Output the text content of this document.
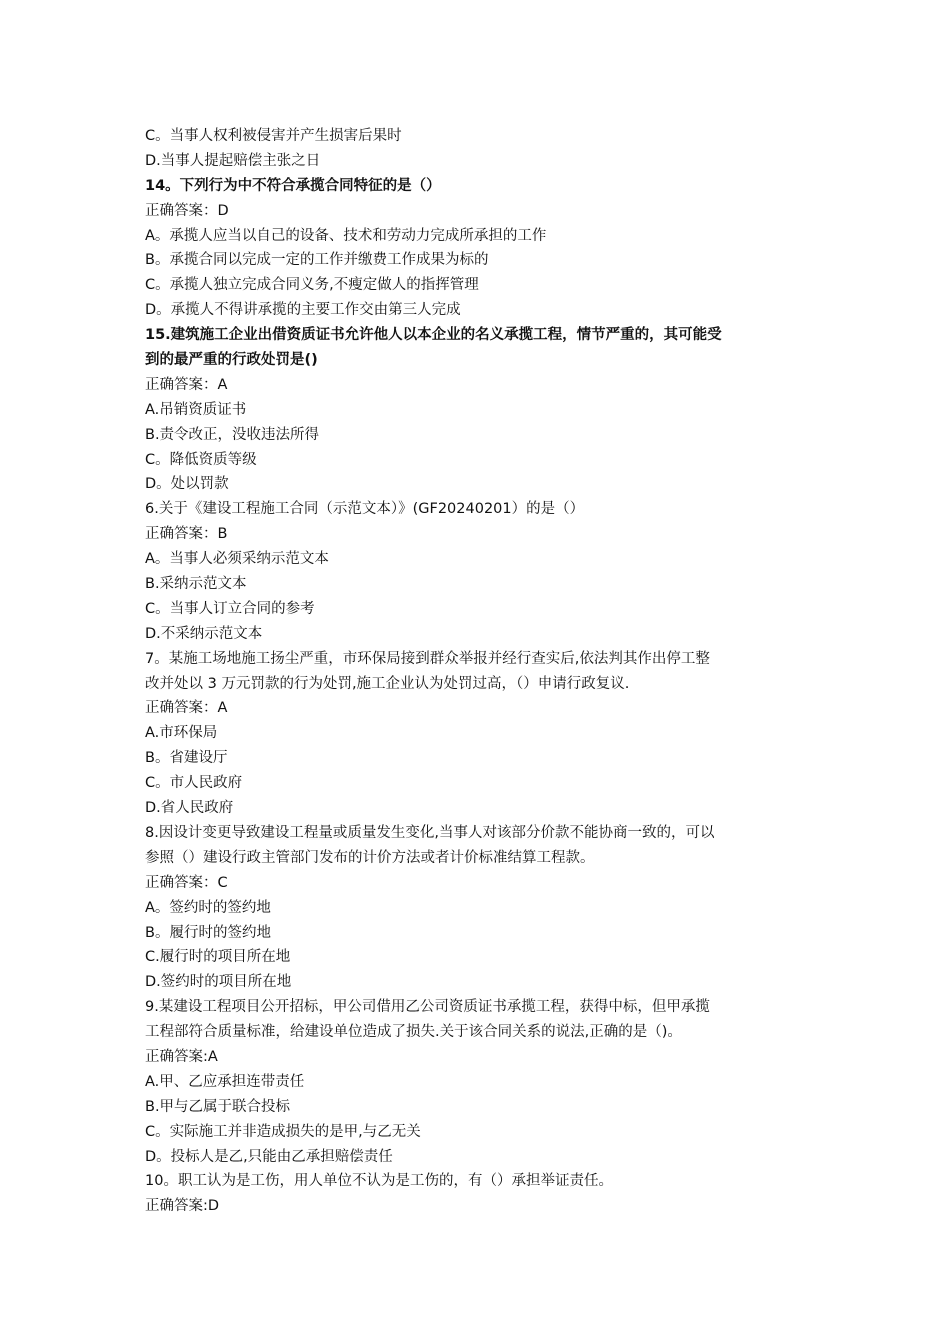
C。当事人权利被侵害并产生损害后果时
D.当事人提起赔偿主张之日
14。下列行为中不符合承揽合同特征的是（）
正确答案：D
A。承揽人应当以自己的设备、技术和劳动力完成所承担的工作
B。承揽合同以完成一定的工作并缴费工作成果为标的
C。承揽人独立完成合同义务,不瘦定做人的指挥管理
D。承揽人不得讲承揽的主要工作交由第三人完成
15.建筑施工企业出借资质证书允许他人以本企业的名义承揽工程，情节严重的，其可能受
到的最严重的行政处罚是()
正确答案：A
A.吊销资质证书
B.责令改正，没收违法所得
C。降低资质等级
D。处以罚款
6.关于《建设工程施工合同（示范文本）》(GF20240201）的是（）
正确答案：B
A。当事人必须采纳示范文本
B.采纳示范文本
C。当事人订立合同的参考
D.不采纳示范文本
7。某施工场地施工扬尘严重，市环保局接到群众举报并经行查实后,依法判其作出停工整
改并处以 3 万元罚款的行为处罚,施工企业认为处罚过高，（）申请行政复议.
正确答案：A
A.市环保局
B。省建设厅
C。市人民政府
D.省人民政府
8.因设计变更导致建设工程量或质量发生变化,当事人对该部分价款不能协商一致的，可以
参照（）建设行政主管部门发布的计价方法或者计价标准结算工程款。
正确答案：C
A。签约时的签约地
B。履行时的签约地
C.履行时的项目所在地
D.签约时的项目所在地
9.某建设工程项目公开招标，甲公司借用乙公司资质证书承揽工程，获得中标，但甲承揽
工程部符合质量标准，给建设单位造成了损失.关于该合同关系的说法,正确的是（)。
正确答案:A
A.甲、乙应承担连带责任
B.甲与乙属于联合投标
C。实际施工并非造成损失的是甲,与乙无关
D。投标人是乙,只能由乙承担赔偿责任
10。职工认为是工伤，用人单位不认为是工伤的，有（）承担举证责任。
正确答案:D
